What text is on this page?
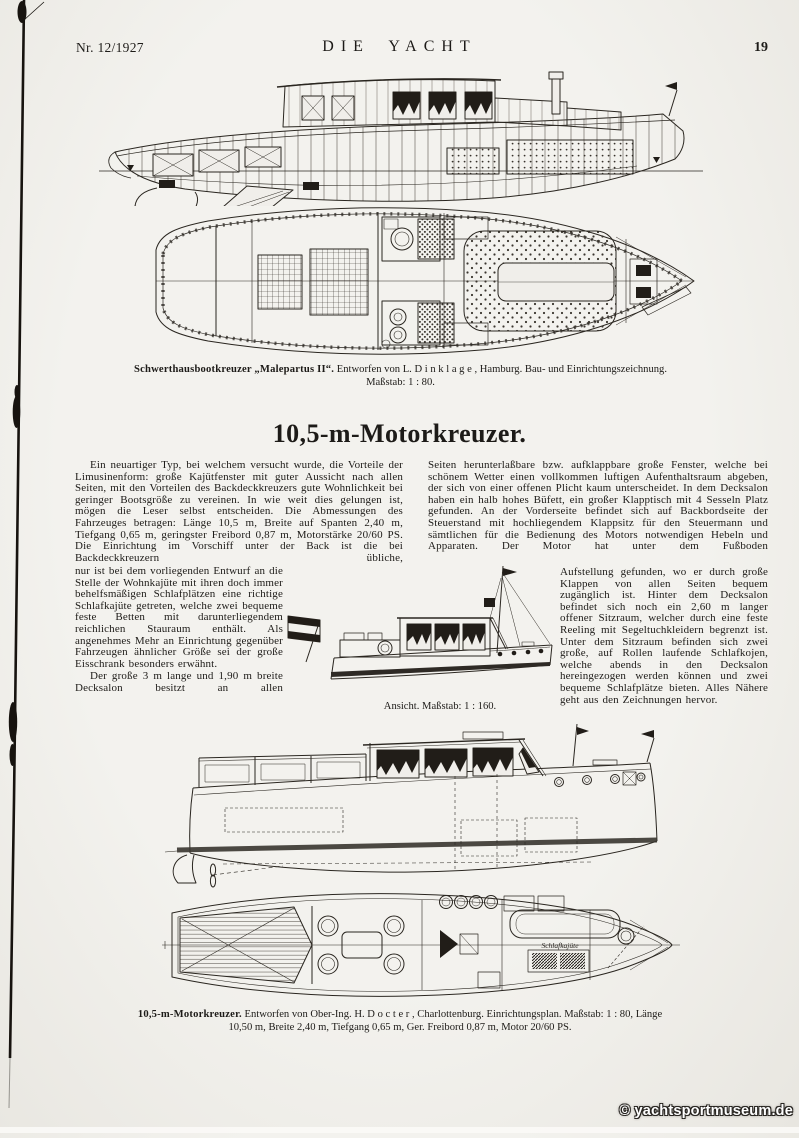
Nr. 12/1927	DIE YACHT	19
Schwerthausbootkreuzer „Malepartus II“. Entworfen von L. D i n k l a g e , Hamburg. Bau- und Einrichtungszeichnung. Maßstab: 1 : 80.
10,5-m-Motorkreuzer.
Ein neuartiger Typ, bei welchem versucht wurde, die Vorteile der Limusinenform: große Kajütfenster mit guter Aussicht nach allen Seiten, mit den Vorteilen des Backdeckkreuzers gute Wohnlichkeit bei geringer Bootsgröße zu vereinen. In wie weit dies gelungen ist, mögen die Leser selbst entscheiden. Die Abmessungen des Fahrzeuges betragen: Länge 10,5 m, Breite auf Spanten 2,40 m, Tiefgang 0,65 m, geringster Freibord 0,87 m, Motorstärke 20/60 PS. Die Einrichtung im Vorschiff unter der Back ist die bei Backdeckkreuzern übliche,
nur ist bei dem vorliegenden Entwurf an die Stelle der Wohnkajüte mit ihren doch immer behelfsmäßigen Schlafplätzen eine richtige Schlafkajüte getreten, welche zwei bequeme feste Betten mit darunterliegendem reichlichen Stauraum enthält. Als angenehmes Mehr an Einrichtung gegenüber Fahrzeugen ähnlicher Größe sei der große Eisschrank besonders erwähnt.
Der große 3 m lange und 1,90 m breite Decksalon besitzt an allen
Seiten herunterlaßbare bzw. aufklappbare große Fenster, welche bei schönem Wetter einen vollkommen luftigen Aufenthaltsraum abgeben, der sich von einer offenen Plicht kaum unterscheidet. In dem Decksalon haben ein halb hohes Büfett, ein großer Klapptisch mit 4 Sesseln Platz gefunden. An der Vorderseite befindet sich auf Backbordseite der Steuerstand mit hochliegendem Klappsitz für den Steuermann und sämtlichen für die Bedienung des Motors notwendigen Hebeln und Apparaten. Der Motor hat unter dem Fußboden
Aufstellung gefunden, wo er durch große Klappen von allen Seiten bequem zugänglich ist. Hinter dem Decksalon befindet sich noch ein 2,60 m langer offener Sitzraum, welcher durch eine feste Reeling mit Segeltuchkleidern begrenzt ist. Unter dem Sitzraum befinden sich zwei große, auf Rollen laufende Schlafkojen, welche abends in den Decksalon hereingezogen werden können und zwei bequeme Schlafplätze bieten. Alles Nähere geht aus den Zeichnungen hervor.
Ansicht. Maßstab: 1 : 160.
Schlafkajüte
10,5-m-Motorkreuzer. Entworfen von Ober-Ing. H. D o c t e r , Charlottenburg. Einrichtungsplan. Maßstab: 1 : 80, Länge 10,50 m, Breite 2,40 m, Tiefgang 0,65 m, Ger. Freibord 0,87 m, Motor 20/60 PS.
© yachtsportmuseum.de
